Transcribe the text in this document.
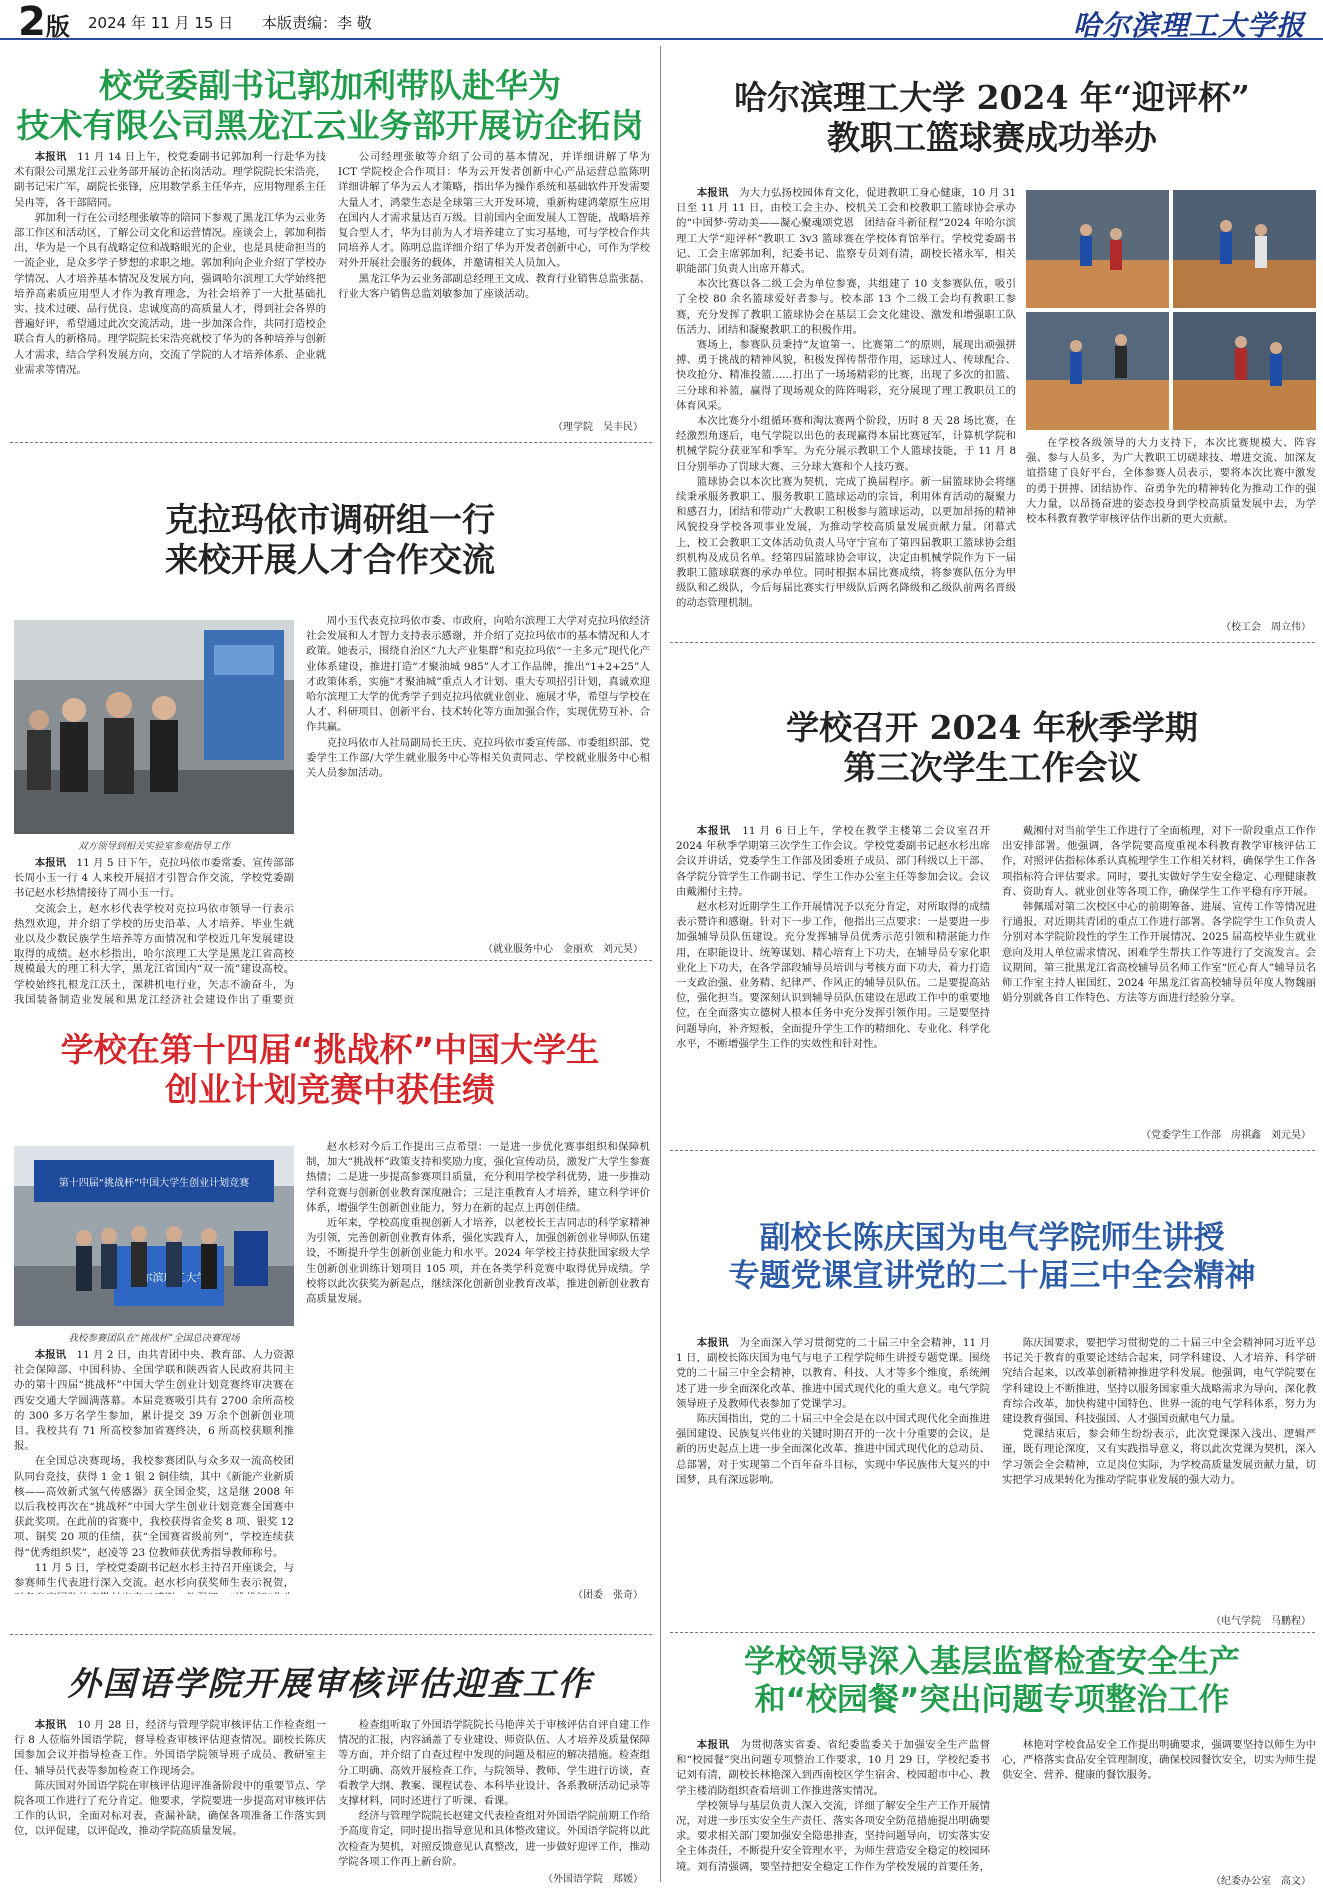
2版 2024 年 11 月 15 日 本版责编：李 敬	哈尔滨理工大学报
校党委副书记郭加利带队赴华为
技术有限公司黑龙江云业务部开展访企拓岗

本报讯　 11 月 14 日上午，校党委副书记郭加利一行赴华为技术有限公司黑龙江云业务部开展访企拓岗活动。理学院院长宋浩亮，副书记宋广军，副院长张锋，应用数学系主任华卉，应用物理系主任吴冉等，各干部陪同。

郭加利一行在公司经理张敏等的陪同下参观了黑龙江华为云业务部工作区和活动区，了解公司文化和运营情况。座谈会上，郭加利指出，华为是一个具有战略定位和战略眼光的企业，也是具使命担当的一流企业，是众多学子梦想的求职之地。郭加利向企业介绍了学校办学情况、人才培养基本情况及发展方向，强调哈尔滨理工大学始终把培养高素质应用型人才作为教育理念，为社会培养了一大批基础扎实、技术过硬、品行优良、忠诚度高的高质量人才，得到社会各界的普遍好评，希望通过此次交流活动，进一步加深合作，共同打造校企联合育人的新格局。理学院院长宋浩亮就校了华为的各种培养与创新人才需求，结合学科发展方向，交流了学院的人才培养体系、企业就业需求等情况。

公司经理张敏等介绍了公司的基本情况，并详细讲解了华为 ICT 学院校企合作项目：华为云开发者创新中心产品运营总监陈明详细讲解了华为云人才策略，指出华为操作系统和基础软件开发需要大量人才，鸿蒙生态是全球第三大开发环境，重新构建鸿蒙原生应用在国内人才需求量达百万级。目前国内全面发展人工智能，战略培养复合型人才，华为目前为人才培养建立了实习基地，可与学校合作共同培养人才。陈明总监详细介绍了华为开发者创新中心，可作为学校对外开展社会服务的载体，并邀请相关人员加入。

黑龙江华为云业务部副总经理王文成、教育行业销售总监张磊、行业大客户销售总监刘敏参加了座谈活动。

（理学院　吴丰民）
克拉玛依市调研组一行
来校开展人才合作交流
双方领导到相关实验室参观指导工作

本报讯　 11 月 5 日下午，克拉玛依市委常委、宣传部部长周小玉一行 4 人来校开展招才引智合作交流，学校党委副书记赵水杉热情接待了周小玉一行。

交流会上，赵水杉代表学校对克拉玛依市领导一行表示热烈欢迎，并介绍了学校的历史沿革、人才培养、毕业生就业以及少数民族学生培养等方面情况和学校近几年发展建设取得的成绩。赵水杉指出，哈尔滨理工大学是黑龙江省高校规模最大的理工科大学，黑龙江省国内“双一流”建设高校。学校始终扎根龙江沃土，深耕机电行业，矢志不渝奋斗，为我国装备制造业发展和黑龙江经济社会建设作出了重要贡

周小玉代表克拉玛依市委、市政府，向哈尔滨理工大学对克拉玛依经济社会发展和人才智力支持表示感谢，并介绍了克拉玛依市的基本情况和人才政策。她表示，围绕自治区“九大产业集群”和克拉玛依“一主多元”现代化产业体系建设，推进打造“才聚油城 985”人才工作品牌，推出“1+2+25”人才政策体系，实施“才聚油城”重点人才计划、重大专项招引计划，真诚欢迎哈尔滨理工大学的优秀学子到克拉玛依就业创业、施展才华，希望与学校在人才、科研项目、创新平台、技术转化等方面加强合作，实现优势互补、合作共赢。

克拉玛依市人社局副局长王庆、克拉玛依市委宣传部、市委组织部、党委学生工作部/大学生就业服务中心等相关负责同志、学校就业服务中心相关人员参加活动。

（就业服务中心　金丽欢　刘元昊）
学校在第十四届“挑战杯”中国大学生
创业计划竞赛中获佳绩
第十四届“挑战杯”中国大学生创业计划竞赛
我校参赛团队在“挑战杯”全国总决赛现场

本报讯　 11 月 2 日，由共青团中央、教育部、人力资源社会保障部、中国科协、全国学联和陕西省人民政府共同主办的第十四届“挑战杯”中国大学生创业计划竞赛终审决赛在西安交通大学圆满落幕。本届竞赛吸引共有 2700 余所高校的 300 多万名学生参加，累计提交 39 万余个创新创业项目。我校共有 71 所高校参加省赛终决，6 所高校获顺利推报。

在全国总决赛现场，我校参赛团队与众多双一流高校团队同台竞技，获得 1 金 1 银 2 铜佳绩，其中《新能产业新质核——高效新式氢气传感器》获全国金奖，这是继 2008 年以后我校再次在“挑战杯”中国大学生创业计划竞赛全国赛中获此奖项。在此前的省赛中，我校获得省金奖 8 项、银奖 12 项、铜奖 20 项的佳绩，获“全国赛省级前列”，学校连续获得“优秀组织奖”，赵凌等 23 位教师获优秀指导教师称号。

11 月 5 日，学校党委副书记赵水杉主持召开座谈会，与参赛师生代表进行深入交流。赵水杉向获奖师生表示祝贺，

赵水杉对今后工作提出三点希望：一是进一步优化赛事组织和保障机制，加大“挑战杯”政策支持和奖励力度，强化宣传动员，激发广大学生参赛热情；二是进一步提高参赛项目质量，充分利用学校学科优势，进一步推动学科竞赛与创新创业教育深度融合；三是注重教育人才培养，建立科学评价体系，增强学生创新创业能力，努力在新的起点上再创佳绩。

近年来，学校高度重视创新人才培养，以老校长王吉同志的科学家精神为引领，完善创新创业教育体系，强化实践育人，加强创新创业导师队伍建设，不断提升学生创新创业能力和水平。2024 年学校主持获批国家级大学生创新创业训练计划项目 105 项，并在各类学科竞赛中取得优异成绩。学校将以此次获奖为新起点，继续深化创新创业教育改革，推进创新创业教育高质量发展。

（团委　张奇）
外国语学院开展审核评估迎查工作

本报讯　 10 月 28 日，经济与管理学院审核评估工作检查组一行 8 人莅临外国语学院，督导检查审核评估迎查情况。副校长陈庆国参加会议并指导检查工作。外国语学院领导班子成员、教研室主任、辅导员代表等参加检查工作现场会。

陈庆国对外国语学院在审核评估迎评准备阶段中的重要节点、学院各项工作进行了充分肯定。他要求，学院要进一步提高对审核评估工作的认识，全面对标对表，查漏补缺，确保各项准备工作落实到位，以评促建，以评促改，推动学院高质量发展。

检查组听取了外国语学院院长马艳萍关于审核评估自评自建工作情况的汇报，内容涵盖了专业建设、师资队伍、人才培养及质量保障等方面，并介绍了自查过程中发现的问题及相应的解决措施。检查组分工明确、高效开展检查工作，与院领导、教师、学生进行访谈，查看教学大纲、教案、课程试卷、本科毕业设计、各系教研活动记录等支撑材料，同时还进行了听课、看课。

经济与管理学院院长赵建文代表检查组对外国语学院前期工作给予高度肯定，同时提出指导意见和具体整改建议。外国语学院将以此次检查为契机，对照反馈意见认真整改，进一步做好迎评工作，推动学院各项工作再上新台阶。

（外国语学院　郑媛）
哈尔滨理工大学 2024 年“迎评杯”
教职工篮球赛成功举办

本报讯　 为大力弘扬校园体育文化，促进教职工身心健康，10 月 31 日至 11 月 11 日，由校工会主办、校机关工会和校教职工篮球协会承办的“中国梦·劳动美——凝心聚魂颂党恩　团结奋斗新征程”2024 年哈尔滨理工大学“迎评杯”教职工 3v3 篮球赛在学校体育馆举行。学校党委副书记、工会主席郭加利，纪委书记、监察专员刘有清，副校长褚永军，相关职能部门负责人出席开幕式。

本次比赛以各二级工会为单位参赛，共组建了 10 支参赛队伍，吸引了全校 80 余名篮球爱好者参与。校本部 13 个二级工会均有教职工参赛，充分发挥了教职工篮球协会在基层工会文化建设、激发和增强职工队伍活力、团结和凝聚教职工的积极作用。

赛场上，参赛队员秉持“友谊第一、比赛第二”的原则，展现出顽强拼搏、勇于挑战的精神风貌，积极发挥传帮带作用，运球过人、传球配合、快攻抢分、精准投篮……打出了一场场精彩的比赛，出现了多次的扣篮、三分球和补篮，赢得了现场观众的阵阵喝彩，充分展现了理工教职员工的体育风采。

本次比赛分小组循环赛和淘汰赛两个阶段，历时 8 天 28 场比赛，在经激烈角逐后，电气学院以出色的表现赢得本届比赛冠军，计算机学院和机械学院分获亚军和季军。为充分展示教职工个人篮球技能，于 11 月 8 日分别举办了罚球大赛、三分球大赛和个人技巧赛。

篮球协会以本次比赛为契机，完成了换届程序。新一届篮球协会将继续秉承服务教职工、服务教职工篮球运动的宗旨，利用体育活动的凝聚力和感召力，团结和带动广大教职工积极参与篮球运动，以更加昂扬的精神风貌投身学校各项事业发展，为推动学校高质量发展贡献力量。闭幕式上，校工会教职工文体活动负责人马守宁宣布了第四届教职工篮球协会组织机构及成员名单。经第四届篮球协会审议，决定由机械学院作为下一届教职工篮球联赛的承办单位。同时根据本届比赛成绩，将参赛队伍分为甲级队和乙级队，今后每届比赛实行甲级队后两名降级和乙级队前两名晋级的动态管理机制。

在学校各级领导的大力支持下，本次比赛规模大、阵容强、参与人员多，为广大教职工切磋球技、增进交流、加深友谊搭建了良好平台，全体参赛人员表示，要将本次比赛中激发的勇于拼搏、团结协作、奋勇争先的精神转化为推动工作的强大力量，以昂扬奋进的姿态投身到学校高质量发展中去，为学校本科教育教学审核评估作出新的更大贡献。

（校工会　周立伟）
学校召开 2024 年秋季学期
第三次学生工作会议

本报讯　 11 月 6 日上午，学校在教学主楼第二会议室召开 2024 年秋季学期第三次学生工作会议。学校党委副书记赵水杉出席会议并讲话，党委学生工作部及团委班子成员、部门科级以上干部、各学院分管学生工作副书记、学生工作办公室主任等参加会议。会议由戴湘付主持。

赵水杉对近期学生工作开展情况予以充分肯定，对所取得的成绩表示赞许和感谢。针对下一步工作，他指出三点要求：一是要进一步加强辅导员队伍建设。充分发挥辅导员优秀示范引领和精湛能力作用，在职能设计、统筹谋划、精心培育上下功夫，在辅导员专家化职业化上下功夫，在各学部段辅导员培训与考核方面下功夫，着力打造一支政治强、业务精、纪律严、作风正的辅导员队伍。二是要提高站位，强化担当。要深刻认识到辅导员队伍建设在思政工作中的重要地位，在全面落实立德树人根本任务中充分发挥引领作用。三是要坚持问题导向，补齐短板，全面提升学生工作的精细化、专业化、科学化水平，不断增强学生工作的实效性和针对性。

戴湘付对当前学生工作进行了全面梳理，对下一阶段重点工作作出安排部署。他强调，各学院要高度重视本科教育教学审核评估工作，对照评估指标体系认真梳理学生工作相关材料，确保学生工作各项指标符合评估要求。同时，要扎实做好学生安全稳定、心理健康教育、资助育人、就业创业等各项工作，确保学生工作平稳有序开展。

韩佩瑶对第二次校区中心的前期筹备、进展、宣传工作等情况进行通报，对近期共青团的重点工作进行部署。各学院学生工作负责人分别对本学院阶段性的学生工作开展情况、2025 届高校毕业生就业意向及用人单位需求情况、困难学生帮扶工作等进行了交流发言。会议期间，第三批黑龙江省高校辅导员名师工作室“匠心育人”辅导员名师工作室主持人崔国红、2024 年黑龙江省高校辅导员年度人物魏丽娟分别就各自工作特色、方法等方面进行经验分享。

（党委学生工作部　房祺鑫　刘元昊）
副校长陈庆国为电气学院师生讲授
专题党课宣讲党的二十届三中全会精神

本报讯　 为全面深入学习贯彻党的二十届三中全会精神，11 月 1 日，副校长陈庆国为电气与电子工程学院师生讲授专题党课。围绕党的二十届三中全会精神，以教育、科技、人才等多个维度，系统阐述了进一步全面深化改革、推进中国式现代化的重大意义。电气学院领导班子及教师代表参加了党课学习。

陈庆国指出，党的二十届三中全会是在以中国式现代化全面推进强国建设、民族复兴伟业的关键时期召开的一次十分重要的会议，是新的历史起点上进一步全面深化改革、推进中国式现代化的总动员、总部署，对于实现第二个百年奋斗目标，实现中华民族伟大复兴的中国梦，具有深远影响。

陈庆国要求，要把学习贯彻党的二十届三中全会精神同习近平总书记关于教育的重要论述结合起来，同学科建设、人才培养、科学研究结合起来，以改革创新精神推进学科发展。他强调，电气学院要在学科建设上不断推进，坚持以服务国家重大战略需求为导向，深化教育综合改革，加快构建中国特色、世界一流的电气学科体系，努力为建设教育强国、科技强国、人才强国贡献电气力量。

党课结束后，参会师生纷纷表示，此次党课深入浅出、逻辑严谨，既有理论深度，又有实践指导意义，将以此次党课为契机，深入学习领会全会精神，立足岗位实际，为学校高质量发展贡献力量，切实把学习成果转化为推动学院事业发展的强大动力。

（电气学院　马鹏程）
学校领导深入基层监督检查安全生产
和“校园餐”突出问题专项整治工作

本报讯　 为贯彻落实省委、省纪委监委关于加强安全生产监督和“校园餐”突出问题专项整治工作要求，10 月 29 日，学校纪委书记刘有清，副校长林艳深入到西南校区学生宿舍、校园超市中心、教学主楼消防组织查看培训工作推进落实情况。

学校领导与基层负责人深入交流，详细了解安全生产工作开展情况，对进一步压实安全生产责任、落实各项安全防范措施提出明确要求。要求相关部门要加强安全隐患排查，坚持问题导向，切实落实安全主体责任，不断提升安全管理水平，为师生营造安全稳定的校园环境。刘有清强调，要坚持把安全稳定工作作为学校发展的首要任务，

林艳对学校食品安全工作提出明确要求，强调要坚持以师生为中心，严格落实食品安全管理制度，确保校园餐饮安全，切实为师生提供安全、营养、健康的餐饮服务。

（纪委办公室　高文）
